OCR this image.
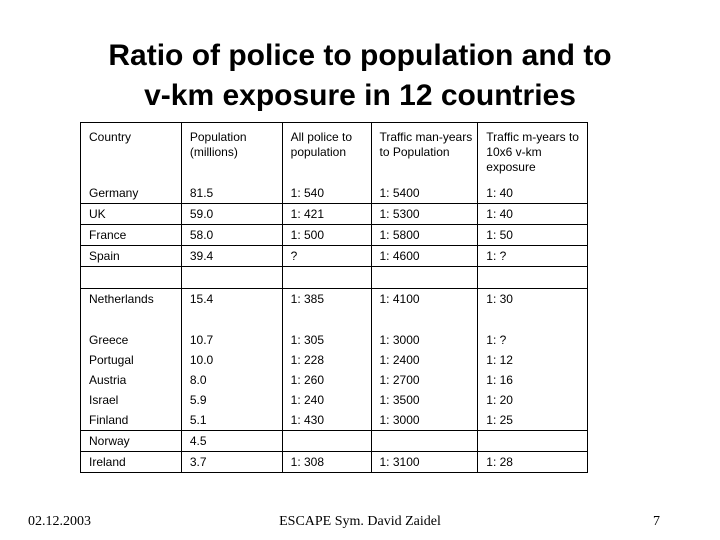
Ratio of police to population and to
v-km exposure in 12 countries
Country	Population (millions)	All police to population	Traffic man-years to Population	Traffic m-years to 10x6 v-km exposure
Germany	81.5	1: 540	1: 5400	1: 40
UK	59.0	1: 421	1: 5300	1: 40
France	58.0	1: 500	1: 5800	1: 50
Spain	39.4	?	1: 4600	1: ?

Netherlands	15.4	1: 385	1: 4100	1: 30

Greece	10.7	1: 305	1: 3000	1: ?
Portugal	10.0	1: 228	1: 2400	1: 12
Austria	8.0	1: 260	1: 2700	1: 16
Israel	5.9	1: 240	1: 3500	1: 20
Finland	5.1	1: 430	1: 3000	1: 25
Norway	4.5			
Ireland	3.7	1: 308	1: 3100	1: 28
02.12.2003	ESCAPE Sym. David Zaidel	7
